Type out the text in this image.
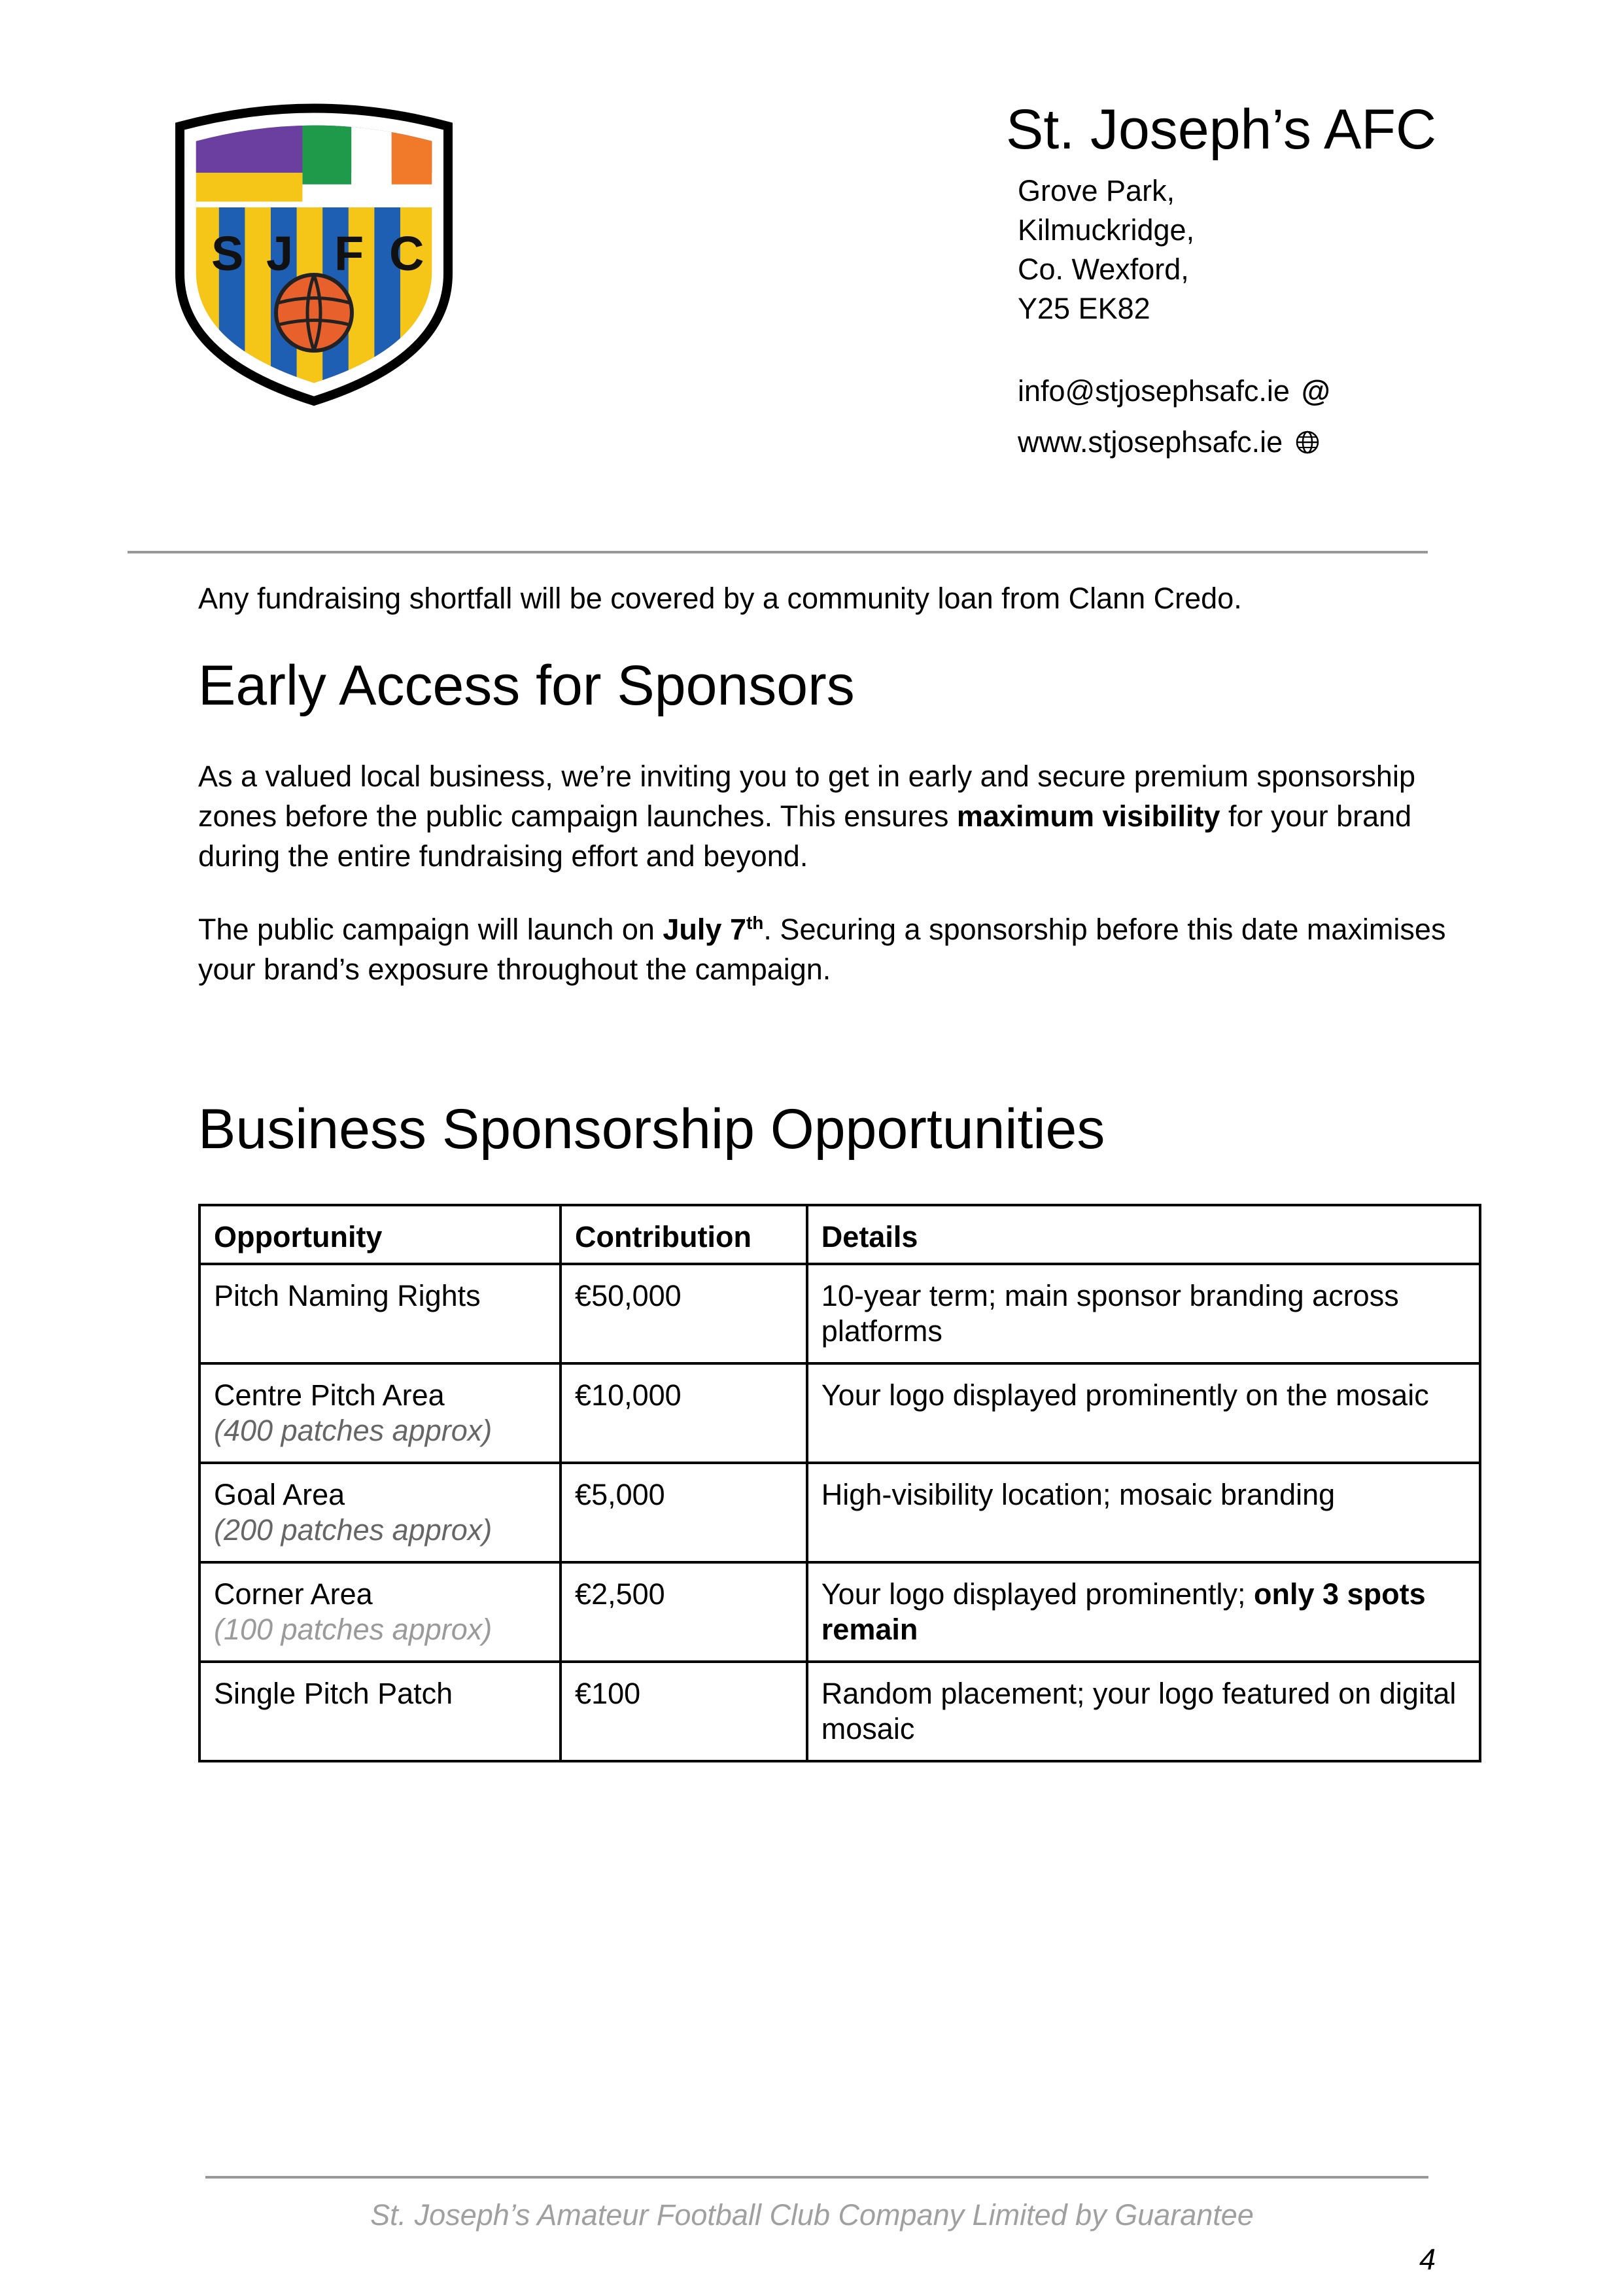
S J F C
St. Joseph’s AFC
Grove Park,
Kilmuckridge,
Co. Wexford,
Y25 EK82
info@stjosephsafc.ie @
www.stjosephsafc.ie
Any fundraising shortfall will be covered by a community loan from Clann Credo.
Early Access for Sponsors
As a valued local business, we’re inviting you to get in early and secure premium sponsorship zones before the public campaign launches. This ensures maximum visibility for your brand during the entire fundraising effort and beyond.
The public campaign will launch on July 7th. Securing a sponsorship before this date maximises your brand’s exposure throughout the campaign.
Business Sponsorship Opportunities
Opportunity	Contribution	Details

Pitch Naming Rights	€50,000	10-year term; main sponsor branding across platforms

Centre Pitch Area
(400 patches approx)	€10,000	Your logo displayed prominently on the mosaic

Goal Area
(200 patches approx)	€5,000	High-visibility location; mosaic branding

Corner Area
(100 patches approx)	€2,500	Your logo displayed prominently; only 3 spots remain

Single Pitch Patch	€100	Random placement; your logo featured on digital mosaic
St. Joseph’s Amateur Football Club Company Limited by Guarantee
4
